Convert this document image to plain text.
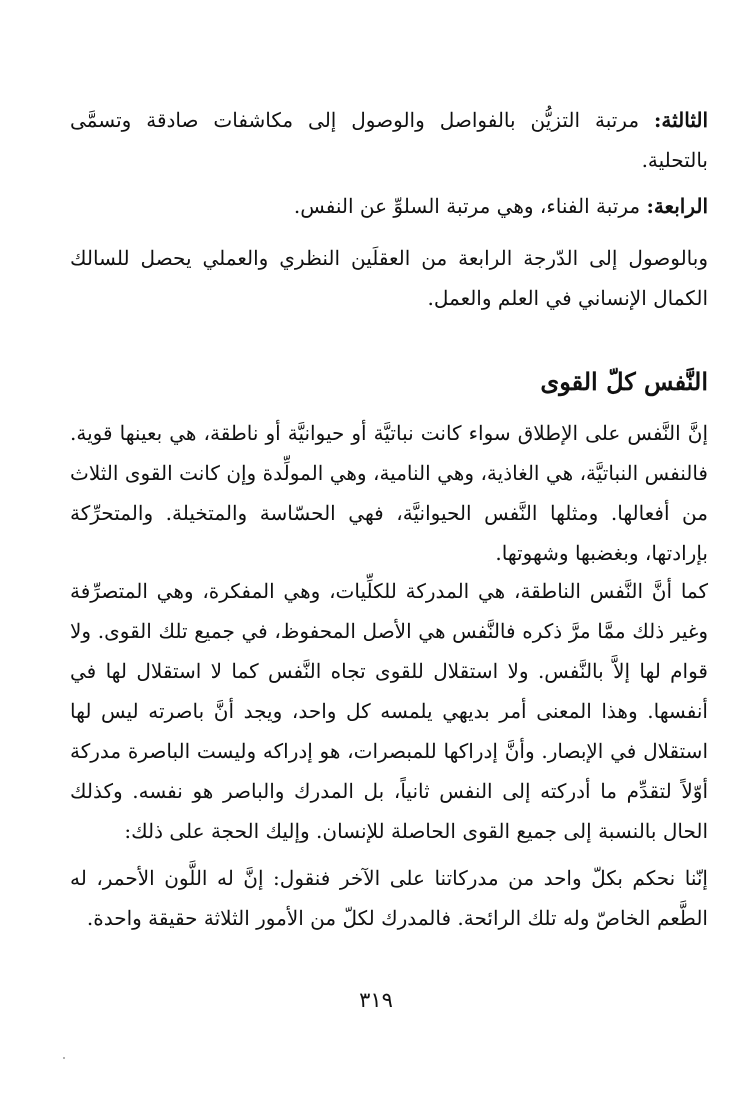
الثالثة: مرتبة التزيُّن بالفواصل والوصول إلى مكاشفات صادقة وتسمَّى بالتحلية.

الرابعة: مرتبة الفناء، وهي مرتبة السلوِّ عن النفس.

وبالوصول إلى الدّرجة الرابعة من العقلَين النظري والعملي يحصل للسالك الكمال الإنساني في العلم والعمل.

النَّفس كلّ القوى

إنَّ النَّفس على الإطلاق سواء كانت نباتيَّة أو حيوانيَّة أو ناطقة، هي بعينها قوية. فالنفس النباتيَّة، هي الغاذية، وهي النامية، وهي المولِّدة وإن كانت القوى الثلاث من أفعالها. ومثلها النَّفس الحيوانيَّة، فهي الحسّاسة والمتخيلة. والمتحرِّكة بإرادتها، وبغضبها وشهوتها.

كما أنَّ النَّفس الناطقة، هي المدركة للكلِّيات، وهي المفكرة، وهي المتصرِّفة وغير ذلك ممَّا مرَّ ذكره فالنَّفس هي الأصل المحفوظ، في جميع تلك القوى. ولا قوام لها إلاَّ بالنَّفس. ولا استقلال للقوى تجاه النَّفس كما لا استقلال لها في أنفسها. وهذا المعنى أمر بديهي يلمسه كل واحد، ويجد أنَّ باصرته ليس لها استقلال في الإبصار. وأنَّ إدراكها للمبصرات، هو إدراكه وليست الباصرة مدركة أوّلاً لتقدِّم ما أدركته إلى النفس ثانياً، بل المدرك والباصر هو نفسه. وكذلك الحال بالنسبة إلى جميع القوى الحاصلة للإنسان. وإليك الحجة على ذلك:

إنّنا نحكم بكلّ واحد من مدركاتنا على الآخر فنقول: إنَّ له اللَّون الأحمر، له الطَّعم الخاصّ وله تلك الرائحة. فالمدرك لكلّ من الأمور الثلاثة حقيقة واحدة.

٣١٩
